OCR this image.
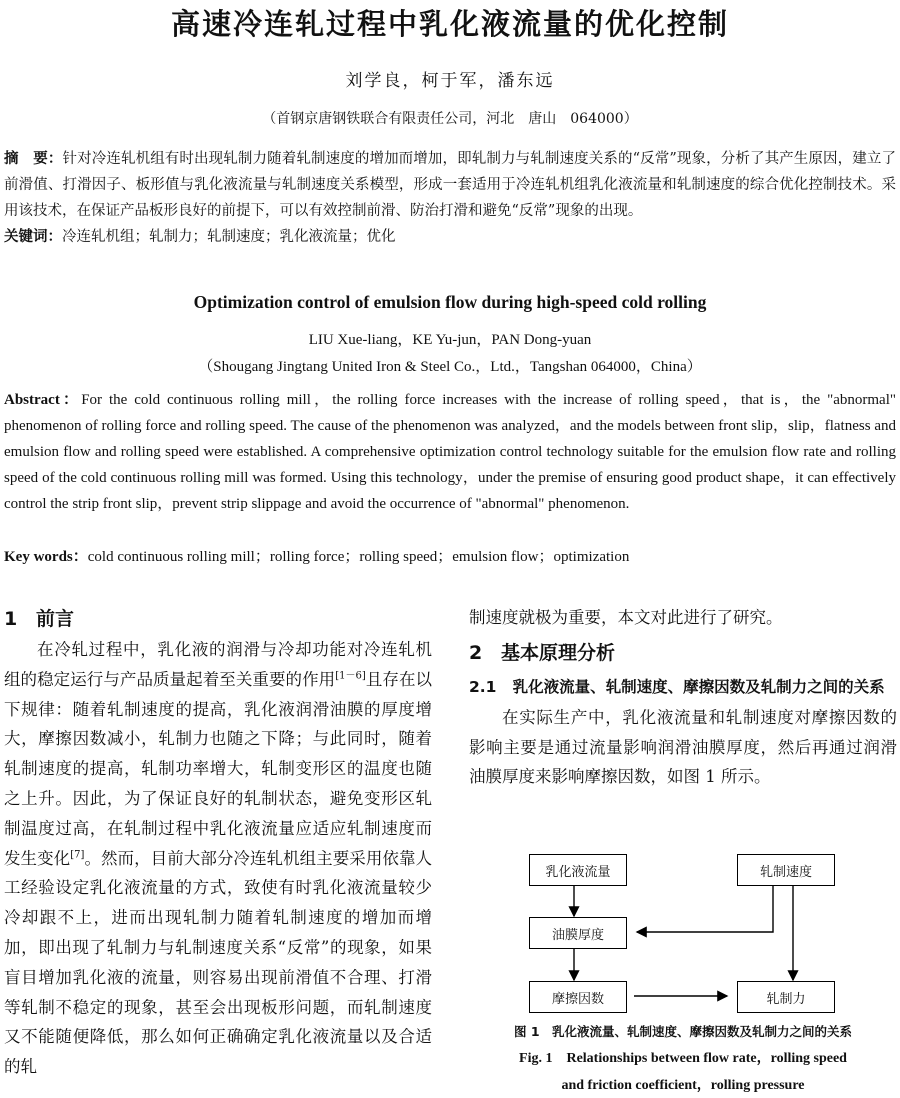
高速冷连轧过程中乳化液流量的优化控制
刘学良，柯于军，潘东远
（首钢京唐钢铁联合有限责任公司，河北　唐山　064000）
摘　要：针对冷连轧机组有时出现轧制力随着轧制速度的增加而增加，即轧制力与轧制速度关系的“反常”现象，分析了其产生原因，建立了前滑值、打滑因子、板形值与乳化液流量与轧制速度关系模型，形成一套适用于冷连轧机组乳化液流量和轧制速度的综合优化控制技术。采用该技术，在保证产品板形良好的前提下，可以有效控制前滑、防治打滑和避免“反常”现象的出现。
关键词：冷连轧机组；轧制力；轧制速度；乳化液流量；优化
Optimization control of emulsion flow during high-speed cold rolling
LIU Xue-liang，KE Yu-jun，PAN Dong-yuan
（Shougang Jingtang United Iron & Steel Co.，Ltd.，Tangshan 064000，China）
Abstract：For the cold continuous rolling mill，the rolling force increases with the increase of rolling speed，that is，the "abnormal" phenomenon of rolling force and rolling speed. The cause of the phenomenon was analyzed，and the models between front slip，slip，flatness and emulsion flow and rolling speed were established. A comprehensive optimization control technology suitable for the emulsion flow rate and rolling speed of the cold continuous rolling mill was formed. Using this technology，under the premise of ensuring good product shape，it can effectively control the strip front slip，prevent strip slippage and avoid the occurrence of "abnormal" phenomenon.
Key words：cold continuous rolling mill；rolling force；rolling speed；emulsion flow；optimization
1 前言

在冷轧过程中，乳化液的润滑与冷却功能对冷连轧机组的稳定运行与产品质量起着至关重要的作用[1－6]且存在以下规律：随着轧制速度的提高，乳化液润滑油膜的厚度增大，摩擦因数减小，轧制力也随之下降；与此同时，随着轧制速度的提高，轧制功率增大，轧制变形区的温度也随之上升。因此，为了保证良好的轧制状态，避免变形区轧制温度过高，在轧制过程中乳化液流量应适应轧制速度而发生变化[7]。然而，目前大部分冷连轧机组主要采用依靠人工经验设定乳化液流量的方式，致使有时乳化液流量较少冷却跟不上，进而出现轧制力随着轧制速度的增加而增加，即出现了轧制力与轧制速度关系“反常”的现象，如果盲目增加乳化液的流量，则容易出现前滑值不合理、打滑等轧制不稳定的现象，甚至会出现板形问题，而轧制速度又不能随便降低，那么如何正确确定乳化液流量以及合适的轧

制速度就极为重要，本文对此进行了研究。

2 基本原理分析
2.1 乳化液流量、轧制速度、摩擦因数及轧制力之间的关系

在实际生产中，乳化液流量和轧制速度对摩擦因数的影响主要是通过流量影响润滑油膜厚度，然后再通过润滑油膜厚度来影响摩擦因数，如图 1 所示。

乳化液流量	轧制速度
油膜厚度
摩擦因数	轧制力
图 1　乳化液流量、轧制速度、摩擦因数及轧制力之间的关系
Fig. 1　Relationships between flow rate，rolling speed
and friction coefficient，rolling pressure
